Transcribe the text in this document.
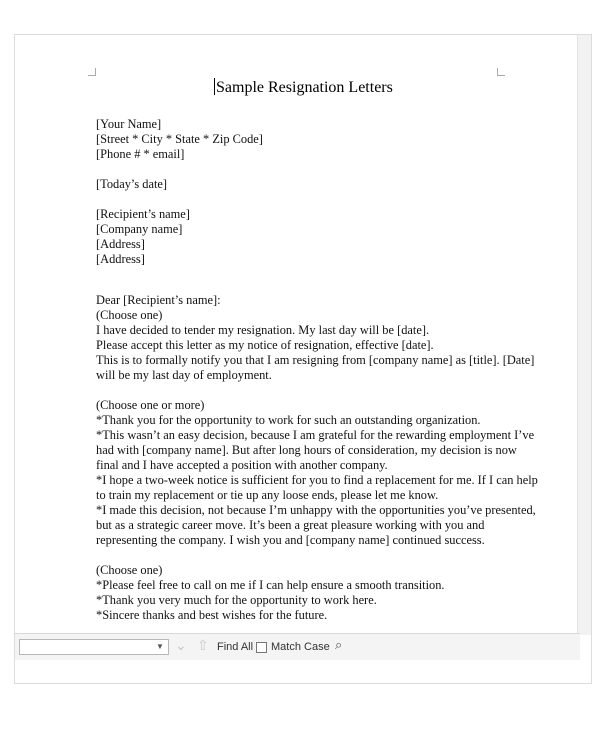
Sample Resignation Letters
[Your Name]
[Street * City * State * Zip Code]
[Phone # * email]
[Today’s date]
[Recipient’s name]
[Company name]
[Address]
[Address]
Dear [Recipient’s name]:
(Choose one)
I have decided to tender my resignation. My last day will be [date].
Please accept this letter as my notice of resignation, effective [date].
This is to formally notify you that I am resigning from [company name] as [title]. [Date]
will be my last day of employment.
(Choose one or more)
*Thank you for the opportunity to work for such an outstanding organization.
*This wasn’t an easy decision, because I am grateful for the rewarding employment I’ve
had with [company name]. But after long hours of consideration, my decision is now
final and I have accepted a position with another company.
*I hope a two-week notice is sufficient for you to find a replacement for me. If I can help
to train my replacement or tie up any loose ends, please let me know.
*I made this decision, not because I’m unhappy with the opportunities you’ve presented,
but as a strategic career move. It’s been a great pleasure working with you and
representing the company. I wish you and [company name] continued success.
(Choose one)
*Please feel free to call on me if I can help ensure a smooth transition.
*Thank you very much for the opportunity to work here.
*Sincere thanks and best wishes for the future.
▼ ⌄ ⇧ Find All Match Case ⌕
